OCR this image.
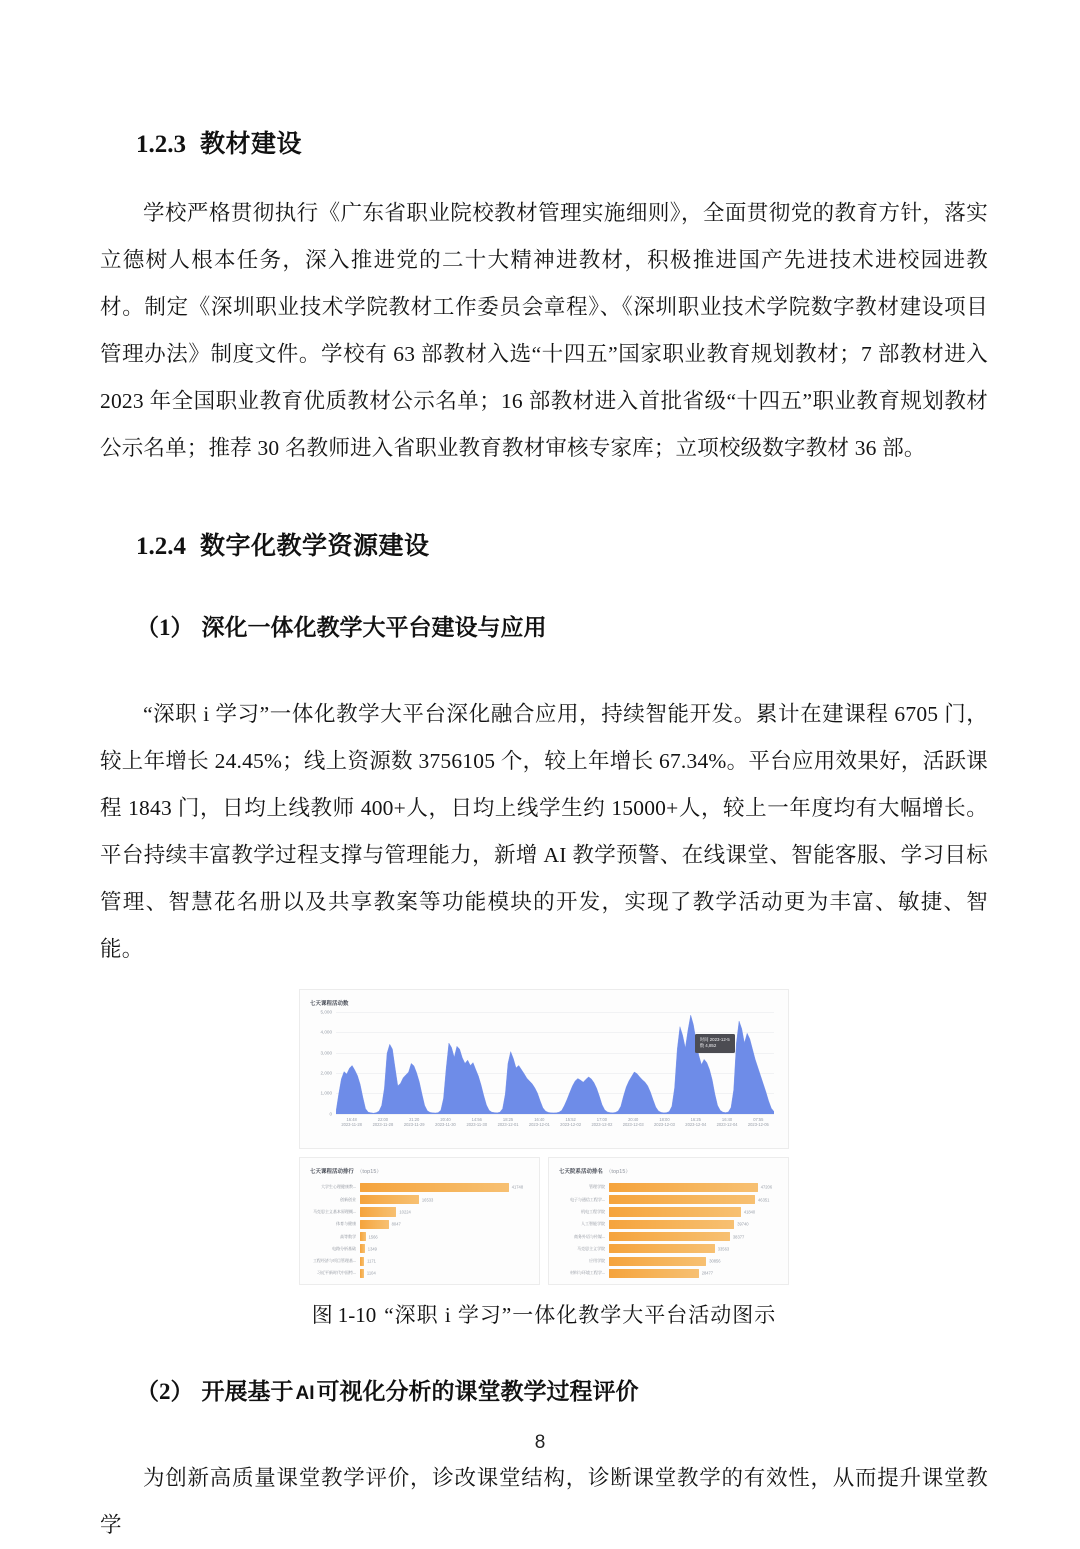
1.2.3 教材建设

学校严格贯彻执行《广东省职业院校教材管理实施细则》，全面贯彻党的教育方针，落实立德树人根本任务，深入推进党的二十大精神进教材，积极推进国产先进技术进校园进教材。制定《深圳职业技术学院教材工作委员会章程》、《深圳职业技术学院数字教材建设项目管理办法》制度文件。学校有 63 部教材入选“十四五”国家职业教育规划教材；7 部教材进入 2023 年全国职业教育优质教材公示名单；16 部教材进入首批省级“十四五”职业教育规划教材公示名单；推荐 30 名教师进入省职业教育教材审核专家库；立项校级数字教材 36 部。

1.2.4 数字化教学资源建设
（1） 深化一体化教学大平台建设与应用

“深职 i 学习”一体化教学大平台深化融合应用，持续智能开发。累计在建课程 6705 门，较上年增长 24.45%；线上资源数 3756105 个，较上年增长 67.34%。平台应用效果好，活跃课程 1843 门，日均上线教师 400+人，日均上线学生约 15000+人，较上一年度均有大幅增长。平台持续丰富教学过程支撑与管理能力，新增 AI 教学预警、在线课堂、智能客服、学习目标管理、智慧花名册以及共享教案等功能模块的开发，实现了教学活动更为丰富、敏捷、智能。

七天课程活动数
0
1,000
2,000
3,000
4,000
5,000
16:48
2023-11-28
22:00
2023-11-28
21:20
2023-11-29
20:40
2023-11-30
14:56
2023-11-30
18:25
2023-12-01
16:40
2023-12-01
15:52
2023-12-02
17:00
2023-12-02
20:40
2023-12-03
18:00
2023-12-03
16:25
2023-12-04
16:40
2023-12-04
07:55
2023-12-05
时间 2023-12-5
数 4,852
七天课程活动排行 （top15）
大学生心理健康教...	41748
创新创业	16533
马克思主义基本原理概...	10224
体育与健康	8047
高等数学	1566
电路分析基础	1349
工程经济与项目管理基...	1171
习近平新时代中国特...	1104
七天院系活动排名 （top15）
管理学院	47206
电子与通信工程学...	46351
机电工程学院	41840
人工智能学院	39740
商务外语与传媒...	38377
马克思主义学院	33563
应用学院	30856
材料与环境工程学...	28477
图 1-10 “深职 i 学习”一体化教学大平台活动图示
（2） 开展基于 AI可视化分析的课堂教学过程评价

为创新高质量课堂教学评价，诊改课堂结构，诊断课堂教学的有效性，从而提升课堂教学

8
